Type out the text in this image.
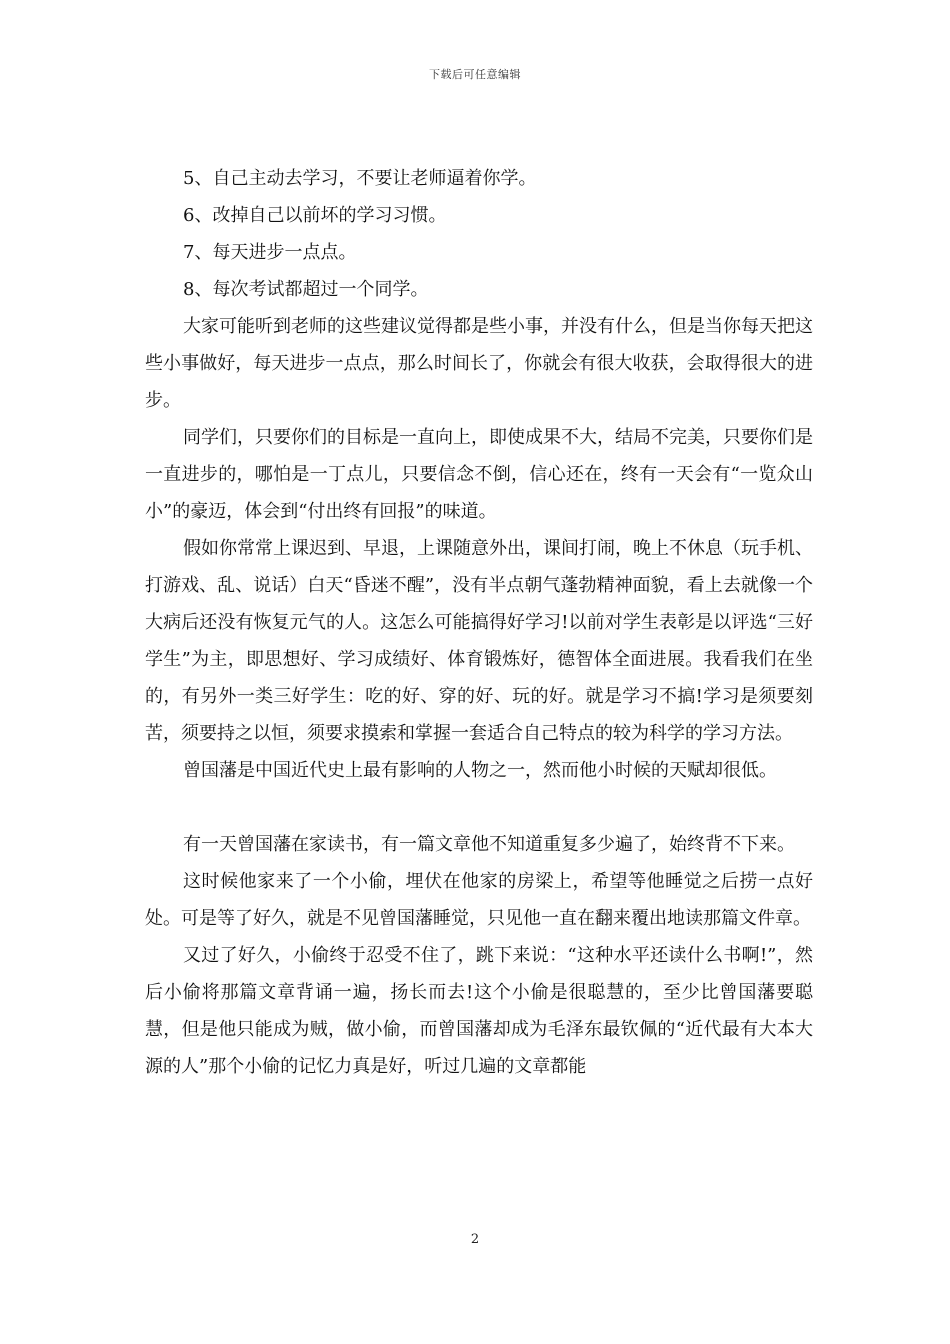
下载后可任意编辑

5、自己主动去学习，不要让老师逼着你学。

6、改掉自己以前坏的学习习惯。

7、每天进步一点点。

8、每次考试都超过一个同学。

大家可能听到老师的这些建议觉得都是些小事，并没有什么，但是当你每天把这些小事做好，每天进步一点点，那么时间长了，你就会有很大收获，会取得很大的进步。

同学们，只要你们的目标是一直向上，即使成果不大，结局不完美，只要你们是一直进步的，哪怕是一丁点儿，只要信念不倒，信心还在，终有一天会有“一览众山小”的豪迈，体会到“付出终有回报”的味道。

假如你常常上课迟到、早退，上课随意外出，课间打闹，晚上不休息（玩手机、打游戏、乱、说话）白天“昏迷不醒”，没有半点朝气蓬勃精神面貌，看上去就像一个大病后还没有恢复元气的人。这怎么可能搞得好学习!以前对学生表彰是以评选“三好学生”为主，即思想好、学习成绩好、体育锻炼好，德智体全面进展。我看我们在坐的，有另外一类三好学生：吃的好、穿的好、玩的好。就是学习不搞!学习是须要刻苦，须要持之以恒，须要求摸索和掌握一套适合自己特点的较为科学的学习方法。

曾国藩是中国近代史上最有影响的人物之一，然而他小时候的天赋却很低。

有一天曾国藩在家读书，有一篇文章他不知道重复多少遍了，始终背不下来。

这时候他家来了一个小偷，埋伏在他家的房梁上，希望等他睡觉之后捞一点好处。可是等了好久，就是不见曾国藩睡觉，只见他一直在翻来覆出地读那篇文件章。

又过了好久，小偷终于忍受不住了，跳下来说：“这种水平还读什么书啊!”，然后小偷将那篇文章背诵一遍，扬长而去!这个小偷是很聪慧的，至少比曾国藩要聪慧，但是他只能成为贼，做小偷，而曾国藩却成为毛泽东最钦佩的“近代最有大本大源的人”那个小偷的记忆力真是好，听过几遍的文章都能

2
